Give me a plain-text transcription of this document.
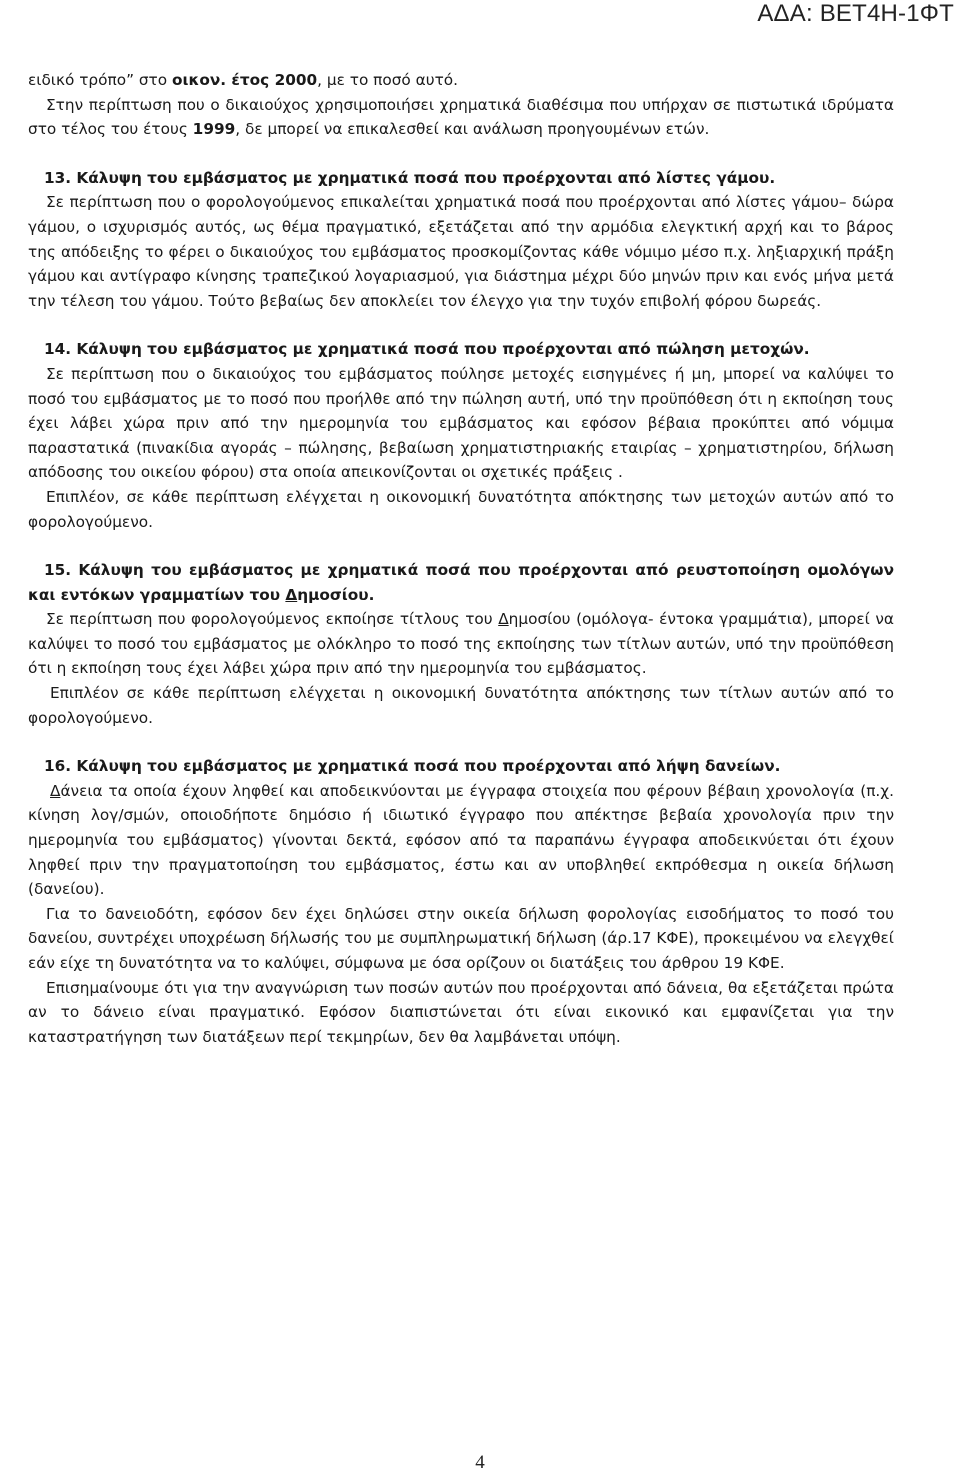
ΑΔΑ: ΒΕΤ4Η-1ΦΤ

ειδικό τρόπο” στο οικον. έτος 2000, με το ποσό αυτό.

Στην περίπτωση που ο δικαιούχος χρησιμοποιήσει χρηματικά διαθέσιμα που υπήρχαν σε πιστωτικά ιδρύματα στο τέλος του έτους 1999, δε μπορεί να επικαλεσθεί και ανάλωση προηγουμένων ετών.

13. Κάλυψη του εμβάσματος με χρηματικά ποσά που προέρχονται από λίστες γάμου.

Σε περίπτωση που ο φορολογούμενος επικαλείται χρηματικά ποσά που προέρχονται από λίστες γάμου– δώρα γάμου, ο ισχυρισμός αυτός, ως θέμα πραγματικό, εξετάζεται από την αρμόδια ελεγκτική αρχή και το βάρος της απόδειξης το φέρει ο δικαιούχος του εμβάσματος προσκομίζοντας κάθε νόμιμο μέσο π.χ. ληξιαρχική πράξη γάμου και αντίγραφο κίνησης τραπεζικού λογαριασμού, για διάστημα μέχρι δύο μηνών πριν και ενός μήνα μετά την τέλεση του γάμου. Τούτο βεβαίως δεν αποκλείει τον έλεγχο για την τυχόν επιβολή φόρου δωρεάς.

14. Κάλυψη του εμβάσματος με χρηματικά ποσά που προέρχονται από πώληση μετοχών.

Σε περίπτωση που ο δικαιούχος του εμβάσματος πούλησε μετοχές εισηγμένες ή μη, μπορεί να καλύψει το ποσό του εμβάσματος με το ποσό που προήλθε από την πώληση αυτή, υπό την προϋπόθεση ότι η εκποίηση τους έχει λάβει χώρα πριν από την ημερομηνία του εμβάσματος και εφόσον βέβαια προκύπτει από νόμιμα παραστατικά (πινακίδια αγοράς – πώλησης, βεβαίωση χρηματιστηριακής εταιρίας – χρηματιστηρίου, δήλωση απόδοσης του οικείου φόρου) στα οποία απεικονίζονται οι σχετικές πράξεις .

Επιπλέον, σε κάθε περίπτωση ελέγχεται η οικονομική δυνατότητα απόκτησης των μετοχών αυτών από το φορολογούμενο.

15. Κάλυψη του εμβάσματος με χρηματικά ποσά που προέρχονται από ρευστοποίηση ομολόγων και εντόκων γραμματίων του Δημοσίου.

Σε περίπτωση που φορολογούμενος εκποίησε τίτλους του Δημοσίου (ομόλογα- έντοκα γραμμάτια), μπορεί να καλύψει το ποσό του εμβάσματος με ολόκληρο το ποσό της εκποίησης των τίτλων αυτών, υπό την προϋπόθεση ότι η εκποίηση τους έχει λάβει χώρα πριν από την ημερομηνία του εμβάσματος.

Επιπλέον σε κάθε περίπτωση ελέγχεται η οικονομική δυνατότητα απόκτησης των τίτλων αυτών από το φορολογούμενο.

16. Κάλυψη του εμβάσματος με χρηματικά ποσά που προέρχονται από λήψη δανείων.

Δάνεια τα οποία έχουν ληφθεί και αποδεικνύονται με έγγραφα στοιχεία που φέρουν βέβαιη χρονολογία (π.χ. κίνηση λογ/σμών, οποιοδήποτε δημόσιο ή ιδιωτικό έγγραφο που απέκτησε βεβαία χρονολογία πριν την ημερομηνία του εμβάσματος) γίνονται δεκτά, εφόσον από τα παραπάνω έγγραφα αποδεικνύεται ότι έχουν ληφθεί πριν την πραγματοποίηση του εμβάσματος, έστω και αν υποβληθεί εκπρόθεσμα η οικεία δήλωση (δανείου).

Για το δανειοδότη, εφόσον δεν έχει δηλώσει στην οικεία δήλωση φορολογίας εισοδήματος το ποσό του δανείου, συντρέχει υποχρέωση δήλωσής του με συμπληρωματική δήλωση (άρ.17 ΚΦΕ), προκειμένου να ελεγχθεί εάν είχε τη δυνατότητα να το καλύψει, σύμφωνα με όσα ορίζουν οι διατάξεις του άρθρου 19 ΚΦΕ.

Επισημαίνουμε ότι για την αναγνώριση των ποσών αυτών που προέρχονται από δάνεια, θα εξετάζεται πρώτα αν το δάνειο είναι πραγματικό. Εφόσον διαπιστώνεται ότι είναι εικονικό και εμφανίζεται για την καταστρατήγηση των διατάξεων περί τεκμηρίων, δεν θα λαμβάνεται υπόψη.

4
